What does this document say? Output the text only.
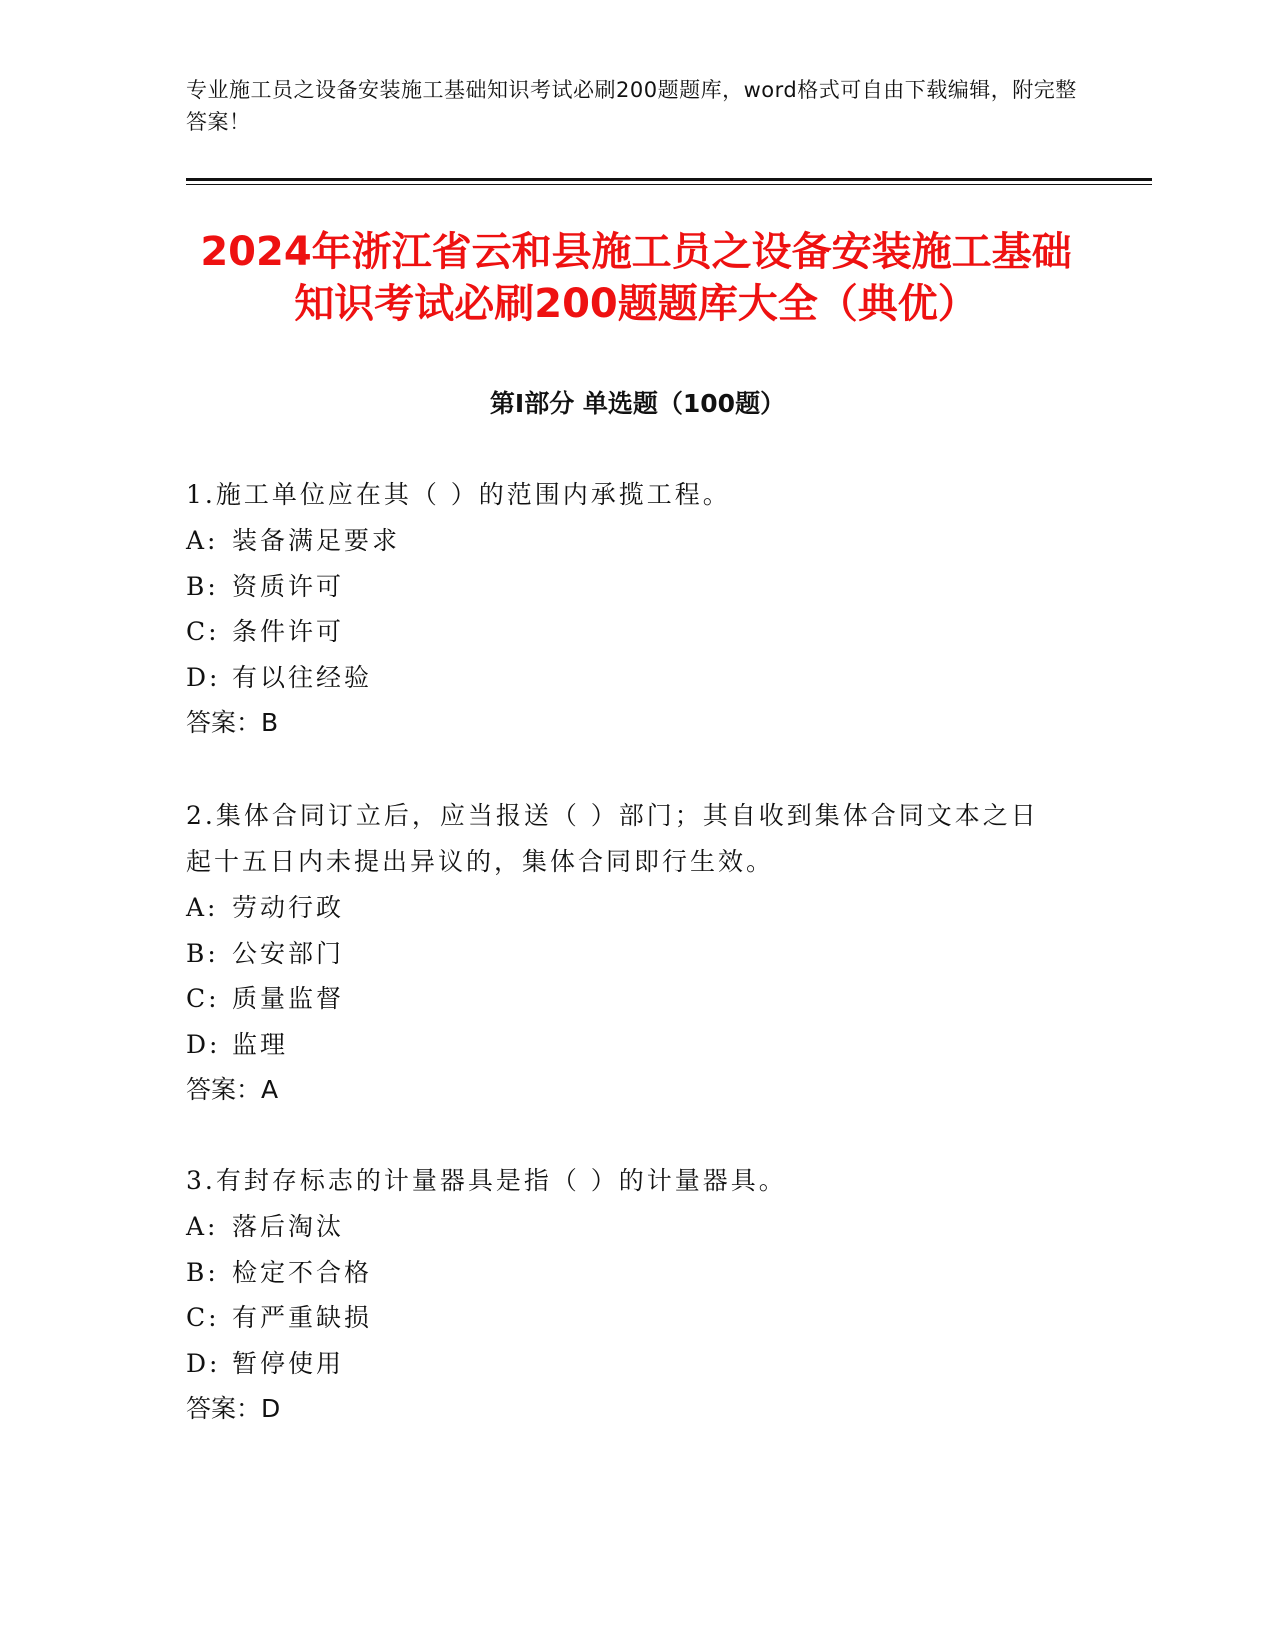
专业施工员之设备安装施工基础知识考试必刷200题题库，word格式可自由下载编辑，附完整答案！
2024年浙江省云和县施工员之设备安装施工基础知识考试必刷200题题库大全（典优）
第I部分 单选题（100题）
1.施工单位应在其（ ）的范围内承揽工程。
A: 装备满足要求
B: 资质许可
C: 条件许可
D: 有以往经验
答案：B
2.集体合同订立后，应当报送（ ）部门；其自收到集体合同文本之日起十五日内未提出异议的，集体合同即行生效。
A: 劳动行政
B: 公安部门
C: 质量监督
D: 监理
答案：A
3.有封存标志的计量器具是指（ ）的计量器具。
A: 落后淘汰
B: 检定不合格
C: 有严重缺损
D: 暂停使用
答案：D
